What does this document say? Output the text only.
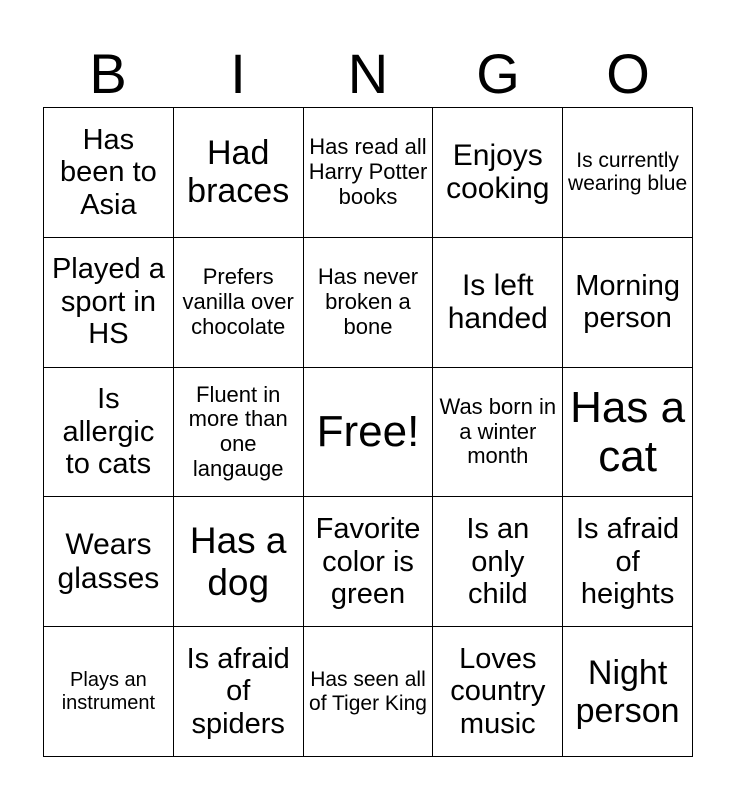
B	I	N	G	O
Has been to Asia
Had braces
Has read all Harry Potter books
Enjoys cooking
Is currently wearing blue
Played a sport in HS
Prefers vanilla over chocolate
Has never broken a bone
Is left handed
Morning person
Is allergic to cats
Fluent in more than one langauge
Free!
Was born in a winter month
Has a cat
Wears glasses
Has a dog
Favorite color is green
Is an only child
Is afraid of heights
Plays an instrument
Is afraid of spiders
Has seen all of Tiger King
Loves country music
Night person
